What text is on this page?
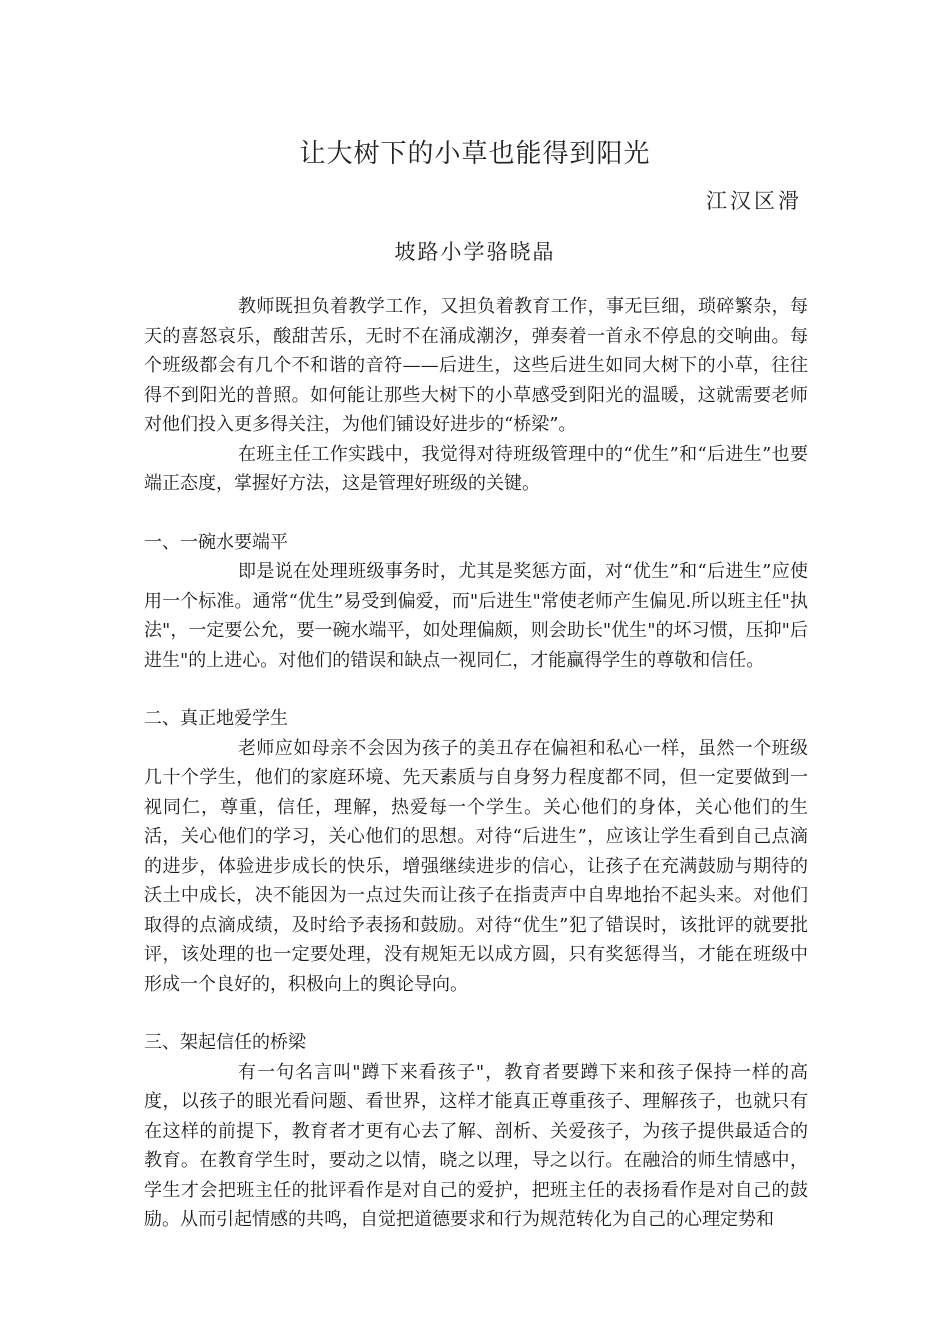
让大树下的小草也能得到阳光
江汉区滑
坡路小学骆晓晶

教师既担负着教学工作，又担负着教育工作，事无巨细，琐碎繁杂，每天的喜怒哀乐，酸甜苦乐，无时不在涌成潮汐，弹奏着一首永不停息的交响曲。每个班级都会有几个不和谐的音符——后进生，这些后进生如同大树下的小草，往往得不到阳光的普照。如何能让那些大树下的小草感受到阳光的温暖，这就需要老师对他们投入更多得关注，为他们铺设好进步的“桥梁”。

在班主任工作实践中，我觉得对待班级管理中的“优生”和“后进生”也要端正态度，掌握好方法，这是管理好班级的关键。

一、一碗水要端平

即是说在处理班级事务时，尤其是奖惩方面，对“优生”和“后进生”应使用一个标准。通常“优生”易受到偏爱，而"后进生"常使老师产生偏见.所以班主任"执法"，一定要公允，要一碗水端平，如处理偏颇，则会助长"优生"的坏习惯，压抑"后进生"的上进心。对他们的错误和缺点一视同仁，才能赢得学生的尊敬和信任。

二、真正地爱学生

老师应如母亲不会因为孩子的美丑存在偏袒和私心一样，虽然一个班级几十个学生，他们的家庭环境、先天素质与自身努力程度都不同，但一定要做到一视同仁，尊重，信任，理解，热爱每一个学生。关心他们的身体，关心他们的生活，关心他们的学习，关心他们的思想。对待“后进生”，应该让学生看到自己点滴的进步，体验进步成长的快乐，增强继续进步的信心，让孩子在充满鼓励与期待的沃土中成长，决不能因为一点过失而让孩子在指责声中自卑地抬不起头来。对他们取得的点滴成绩，及时给予表扬和鼓励。对待“优生”犯了错误时，该批评的就要批评，该处理的也一定要处理，没有规矩无以成方圆，只有奖惩得当，才能在班级中形成一个良好的，积极向上的舆论导向。

三、架起信任的桥梁

有一句名言叫"蹲下来看孩子"，教育者要蹲下来和孩子保持一样的高度，以孩子的眼光看问题、看世界，这样才能真正尊重孩子、理解孩子，也就只有在这样的前提下，教育者才更有心去了解、剖析、关爱孩子，为孩子提供最适合的教育。在教育学生时，要动之以情，晓之以理，导之以行。在融洽的师生情感中，学生才会把班主任的批评看作是对自己的爱护，把班主任的表扬看作是对自己的鼓励。从而引起情感的共鸣，自觉把道德要求和行为规范转化为自己的心理定势和
